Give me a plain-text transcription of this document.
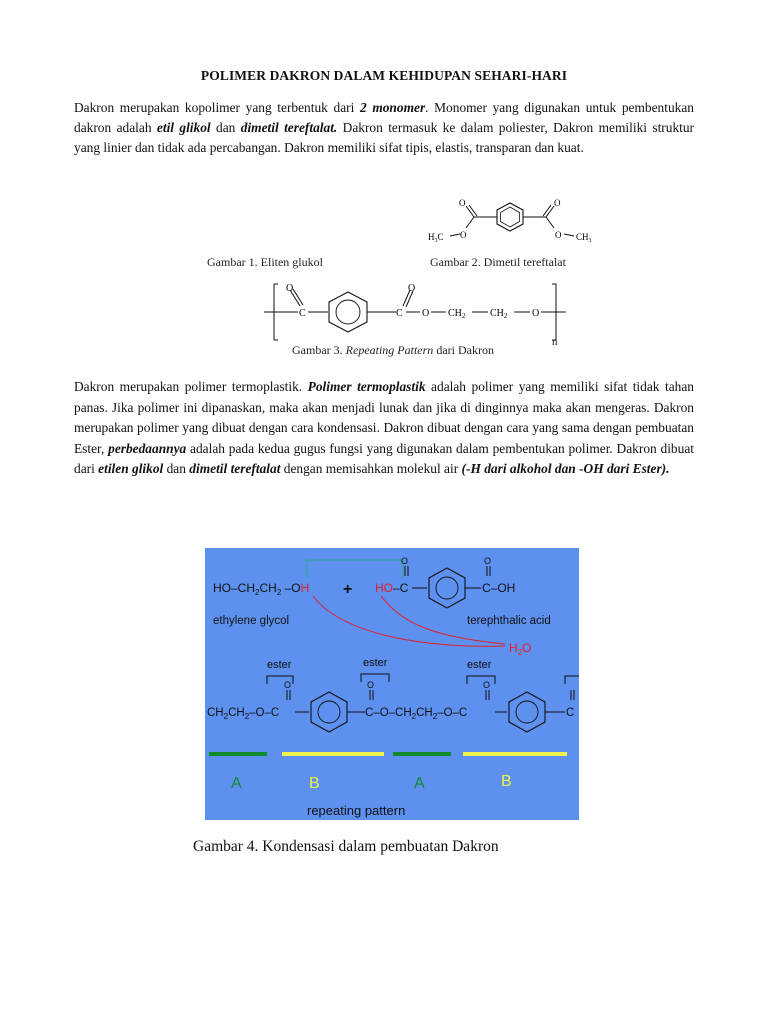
POLIMER DAKRON DALAM KEHIDUPAN SEHARI-HARI

Dakron merupakan kopolimer yang terbentuk dari 2 monomer. Monomer yang digunakan untuk pembentukan dakron adalah etil glikol dan dimetil tereftalat. Dakron termasuk ke dalam poliester, Dakron memiliki struktur yang linier dan tidak ada percabangan. Dakron memiliki sifat tipis, elastis, transparan dan kuat.

O	O
O	O
$H_3C$	$CH_3$
Gambar 1. Eliten glukol	Gambar 2. Dimetil tereftalat
O
C	C
O
O $CH_2$ $CH_2$ O
Gambar 3. Repeating Pattern dari Dakron
n

Dakron merupakan polimer termoplastik. Polimer termoplastik adalah polimer yang memiliki sifat tidak tahan panas. Jika polimer ini dipanaskan, maka akan menjadi lunak dan jika di dinginnya maka akan mengeras. Dakron merupakan polimer yang dibuat dengan cara kondensasi. Dakron dibuat dengan cara yang sama dengan pembuatan Ester, perbedaannya adalah pada kedua gugus fungsi yang digunakan dalam pembentukan polimer. Dakron dibuat dari etilen glikol dan dimetil tereftalat dengan memisahkan molekul air (-H dari alkohol dan -OH dari Ester).

$HO-CH_2CH_2$ –OH + HO –C
O
C–OH
O
ethylene glycol	terephthalic acid
$H_2O$
ester	ester	ester
$CH_2CH_2-O-C$
O
$C-O-CH_2CH_2-O-C$
O	O
C
A	B	A	B
repeating pattern
Gambar 4. Kondensasi dalam pembuatan Dakron
